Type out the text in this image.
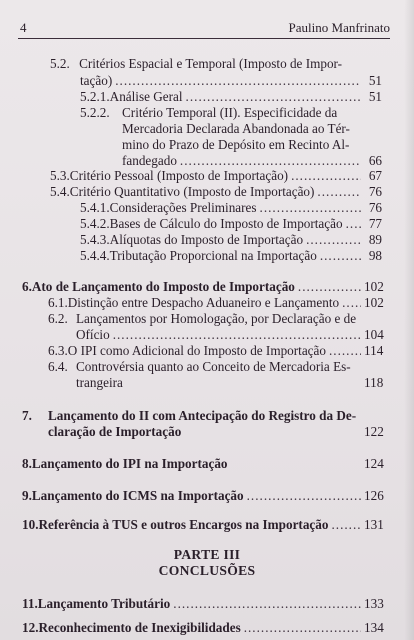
4	Paulino Manfrinato
5.2. Critérios Espacial e Temporal (Imposto de Impor-
tação) .....	51
5.2.1. Análise Geral .....	51
5.2.2. Critério Temporal (II). Especificidade da
Mercadoria Declarada Abandonada ao Tér-
mino do Prazo de Depósito em Recinto Al-
fandegado .....	66
5.3. Critério Pessoal (Imposto de Importação) .....	67
5.4. Critério Quantitativo (Imposto de Importação) .....	76
5.4.1. Considerações Preliminares .....	76
5.4.2. Bases de Cálculo do Imposto de Importação .....	77
5.4.3. Alíquotas do Imposto de Importação .....	89
5.4.4. Tributação Proporcional na Importação .....	98
6. Ato de Lançamento do Imposto de Importação .....	102
6.1. Distinção entre Despacho Aduaneiro e Lançamento ..... 102
6.2. Lançamentos por Homologação, por Declaração e de
Ofício .....	104
6.3. O IPI como Adicional do Imposto de Importação .....	114
6.4. Controvérsia quanto ao Conceito de Mercadoria Es-
trangeira	118
7. Lançamento do II com Antecipação do Registro da De-
claração de Importação	122
8. Lançamento do IPI na Importação	124
9. Lançamento do ICMS na Importação .....	126
10. Referência à TUS e outros Encargos na Importação .....	131
PARTE III
CONCLUSÕES
11. Lançamento Tributário .....	133
12. Reconhecimento de Inexigibilidades .....	134
